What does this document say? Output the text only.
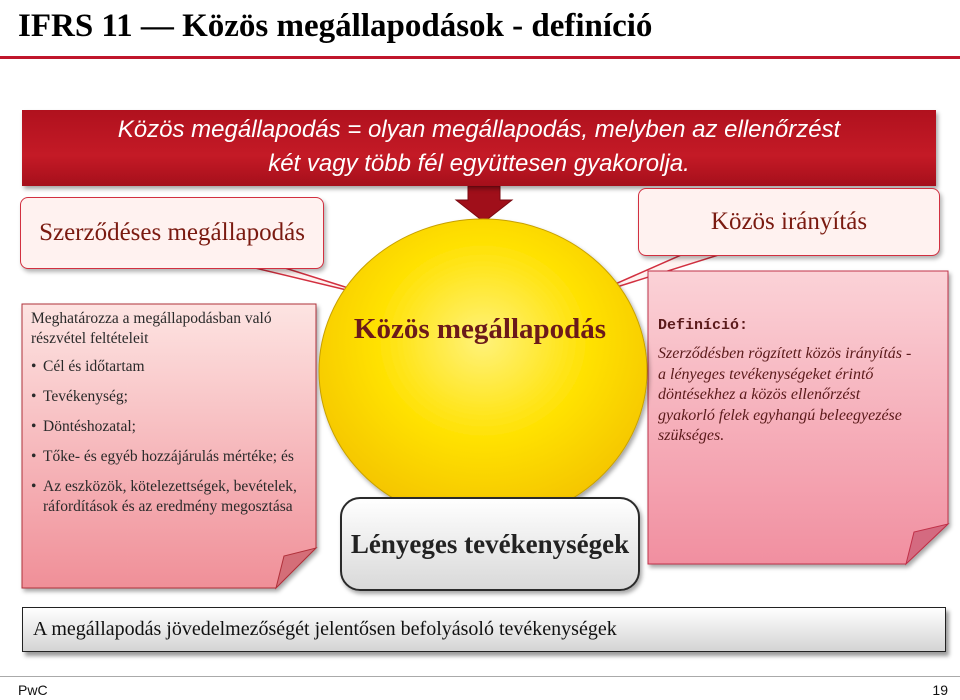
IFRS 11 — Közös megállapodások - definíció
Közös megállapodás = olyan megállapodás, melyben az ellenőrzést
két vagy több fél együttesen gyakorolja.
Szerződéses megállapodás	Közös irányítás
Meghatározza a megállapodásban való részvétel feltételeit
• Cél és időtartam
• Tevékenység;
• Döntéshozatal;
• Tőke- és egyéb hozzájárulás mértéke; és
• Az eszközök, kötelezettségek, bevételek, ráfordítások és az eredmény megosztása
Közös megállapodás
Lényeges tevékenységek
Definíció:
Szerződésben rögzített közös irányítás - a lényeges tevékenységeket érintő döntésekhez a közös ellenőrzést gyakorló felek egyhangú beleegyezése szükséges.
A megállapodás jövedelmezőségét jelentősen befolyásoló tevékenységek
PwC	19
